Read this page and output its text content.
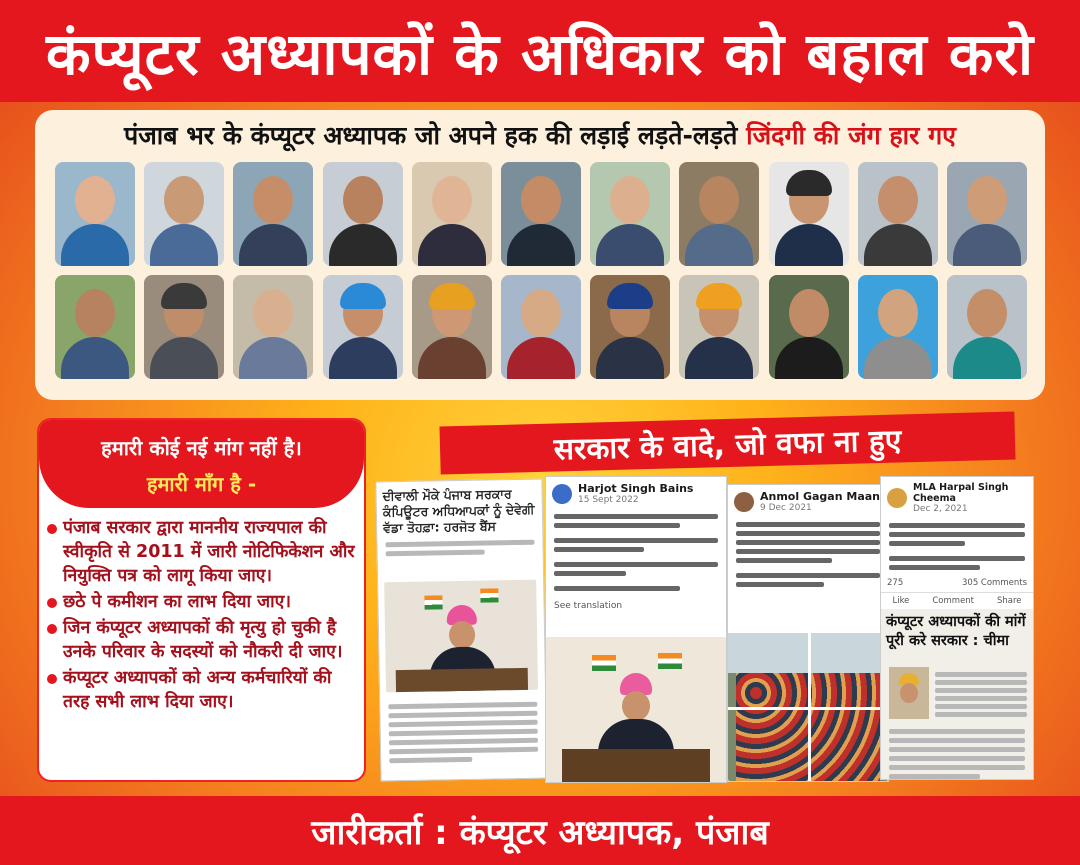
कंप्यूटर अध्यापकों के अधिकार को बहाल करो
पंजाब भर के कंप्यूटर अध्यापक जो अपने हक की लड़ाई लड़ते-लड़ते जिंदगी की जंग हार गए
हमारी कोई नई मांग नहीं है।
हमारी माँग है -
पंजाब सरकार द्वारा माननीय राज्यपाल की स्वीकृति से 2011 में जारी नोटिफिकेशन और नियुक्ति पत्र को लागू किया जाए।
छठे पे कमीशन का लाभ दिया जाए।
जिन कंप्यूटर अध्यापकों की मृत्यु हो चुकी है उनके परिवार के सदस्यों को नौकरी दी जाए।
कंप्यूटर अध्यापकों को अन्य कर्मचारियों की तरह सभी लाभ दिया जाए।
सरकार के वादे, जो वफा ना हुए
ਦੀਵਾਲੀ ਮੌਕੇ ਪੰਜਾਬ ਸਰਕਾਰ ਕੰਪਿਊਟਰ ਅਧਿਆਪਕਾਂ ਨੂੰ ਦੇਵੇਗੀ ਵੱਡਾ ਤੋਹਫ਼ਾ: ਹਰਜੋਤ ਬੈਂਸ
Harjot Singh Bains
15 Sept 2022
See translation
Anmol Gagan Maan
9 Dec 2021
MLA Harpal Singh Cheema
Dec 2, 2021
275	305 Comments
Like	Comment	Share
कंप्यूटर अध्यापकों की मांगें पूरी करे सरकार : चीमा
जारीकर्ता : कंप्यूटर अध्यापक, पंजाब
